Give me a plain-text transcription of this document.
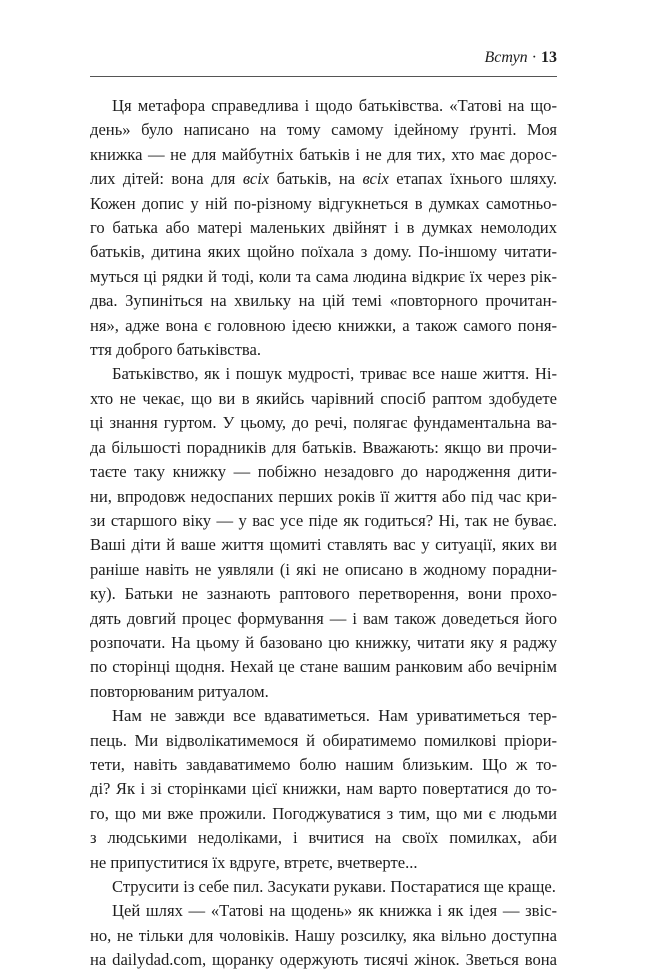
Вступ · 13
Ця метафора справедлива і щодо батьківства. «Татові на що-
день» було написано на тому самому ідейному ґрунті. Моя
книжка — не для майбутніх батьків і не для тих, хто має дорос-
лих дітей: вона для всіх батьків, на всіх етапах їхнього шляху.
Кожен допис у ній по-різному відгукнеться в думках самотньо-
го батька або матері маленьких двійнят і в думках немолодих
батьків, дитина яких щойно поїхала з дому. По-іншому читати-
муться ці рядки й тоді, коли та сама людина відкриє їх через рік-
два. Зупиніться на хвильку на цій темі «повторного прочитан-
ня», адже вона є головною ідеєю книжки, а також самого поня-
ття доброго батьківства.
Батьківство, як і пошук мудрості, триває все наше життя. Ні-
хто не чекає, що ви в якийсь чарівний спосіб раптом здобудете
ці знання гуртом. У цьому, до речі, полягає фундаментальна ва-
да більшості порадників для батьків. Вважають: якщо ви прочи-
таєте таку книжку — побіжно незадовго до народження дити-
ни, впродовж недоспаних перших років її життя або під час кри-
зи старшого віку — у вас усе піде як годиться? Ні, так не буває.
Ваші діти й ваше життя щомиті ставлять вас у ситуації, яких ви
раніше навіть не уявляли (і які не описано в жодному порадни-
ку). Батьки не зазнають раптового перетворення, вони прохо-
дять довгий процес формування — і вам також доведеться його
розпочати. На цьому й базовано цю книжку, читати яку я раджу
по сторінці щодня. Нехай це стане вашим ранковим або вечірнім
повторюваним ритуалом.
Нам не завжди все вдаватиметься. Нам уриватиметься тер-
пець. Ми відволікатимемося й обиратимемо помилкові пріори-
тети, навіть завдаватимемо болю нашим близьким. Що ж то-
ді? Як і зі сторінками цієї книжки, нам варто повертатися до то-
го, що ми вже прожили. Погоджуватися з тим, що ми є людьми
з людськими недоліками, і вчитися на своїх помилках, аби
не припуститися їх вдруге, втретє, вчетверте...
Струсити із себе пил. Засукати рукави. Постаратися ще краще.
Цей шлях — «Татові на щодень» як книжка і як ідея — звіс-
но, не тільки для чоловіків. Нашу розсилку, яка вільно доступна
на dailydad.com, щоранку одержують тисячі жінок. Зветься вона
